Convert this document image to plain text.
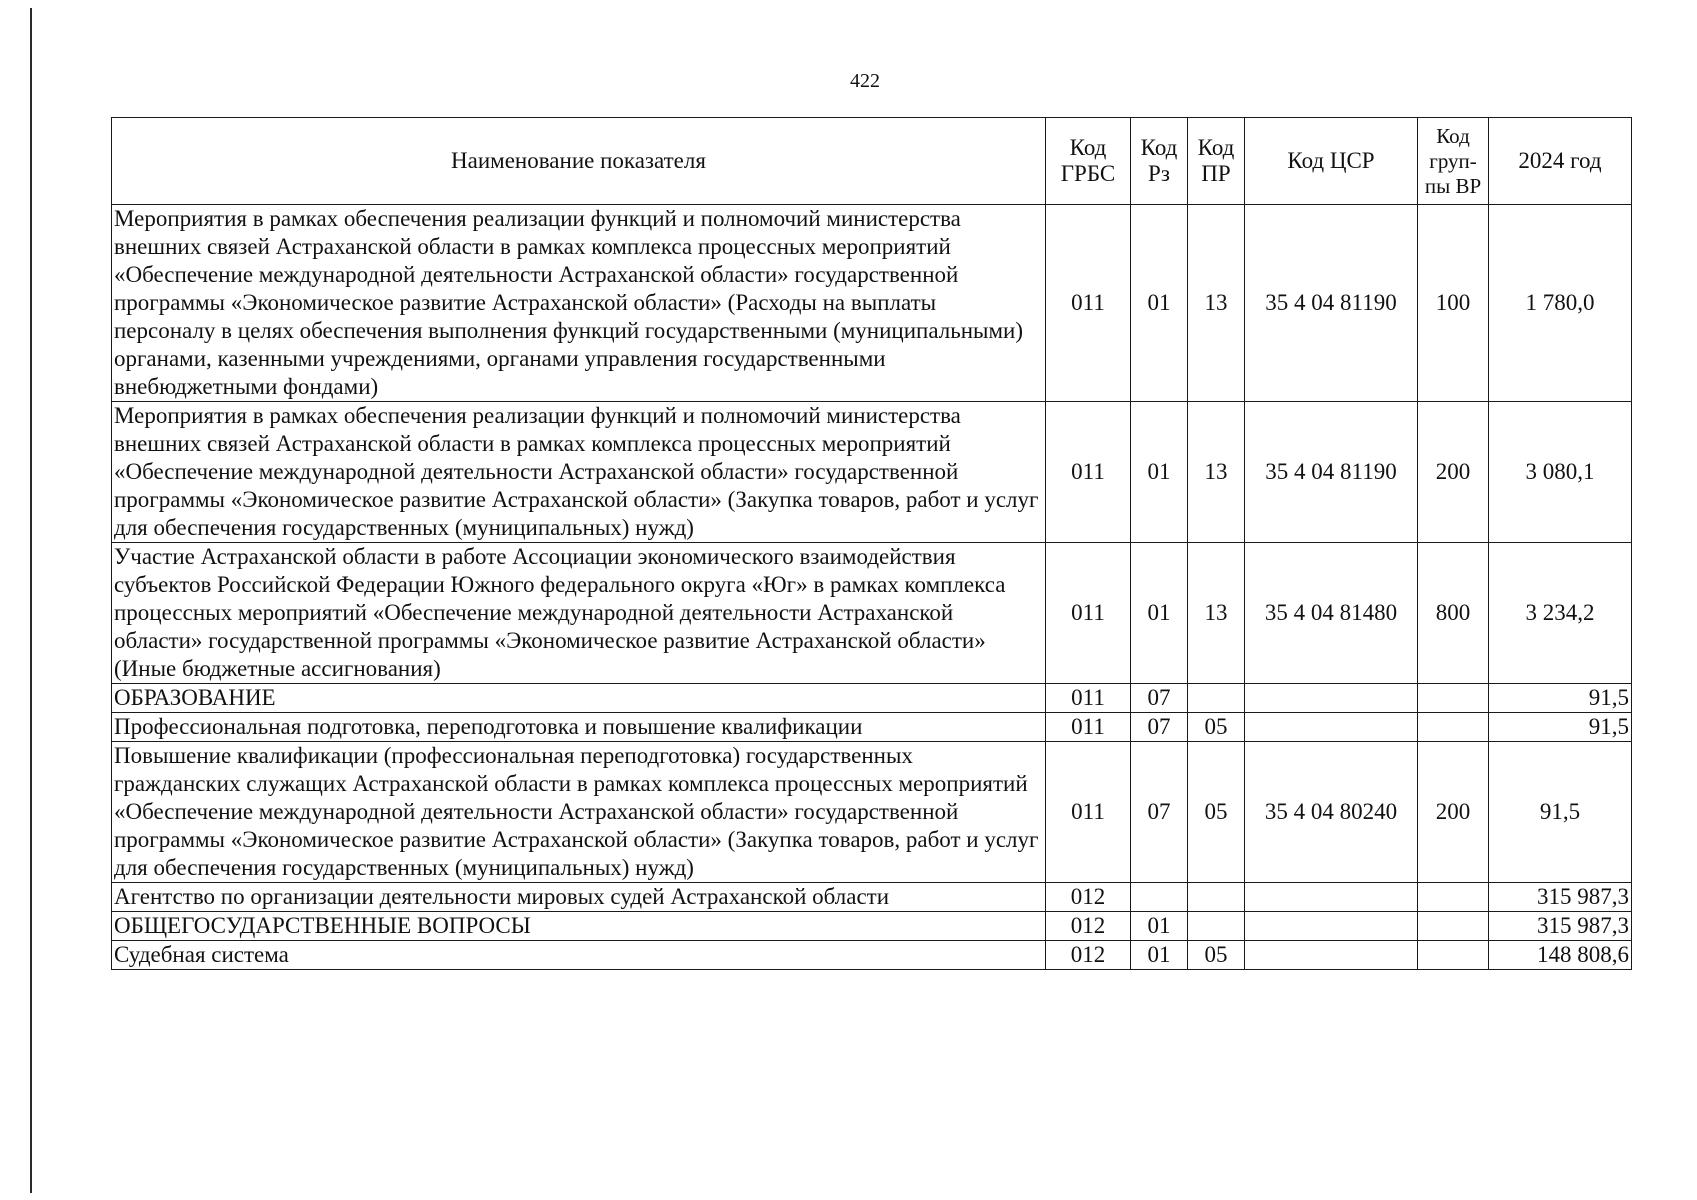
422
Наименование показателя	Код ГРБС	Код Рз	Код ПР	Код ЦСР	Код груп-пы ВР	2024 год
Мероприятия в рамках обеспечения реализации функций и полномочий министерства внешних связей Астраханской области в рамках комплекса процессных мероприятий «Обеспечение международной деятельности Астраханской области» государственной программы «Экономическое развитие Астраханской области» (Расходы на выплаты персоналу в целях обеспечения выполнения функций государственными (муниципальными) органами, казенными учреждениями, органами управления государственными внебюджетными фондами)	011	01	13	35 4 04 81190	100	1 780,0
Мероприятия в рамках обеспечения реализации функций и полномочий министерства внешних связей Астраханской области в рамках комплекса процессных мероприятий «Обеспечение международной деятельности Астраханской области» государственной программы «Экономическое развитие Астраханской области» (Закупка товаров, работ и услуг для обеспечения государственных (муниципальных) нужд)	011	01	13	35 4 04 81190	200	3 080,1
Участие Астраханской области в работе Ассоциации экономического взаимодействия субъектов Российской Федерации Южного федерального округа «Юг» в рамках комплекса процессных мероприятий «Обеспечение международной деятельности Астраханской области» государственной программы «Экономическое развитие Астраханской области» (Иные бюджетные ассигнования)	011	01	13	35 4 04 81480	800	3 234,2
ОБРАЗОВАНИЕ	011	07				91,5
Профессиональная подготовка, переподготовка и повышение квалификации	011	07	05			91,5
Повышение квалификации (профессиональная переподготовка) государственных гражданских служащих Астраханской области в рамках комплекса процессных мероприятий «Обеспечение международной деятельности Астраханской области» государственной программы «Экономическое развитие Астраханской области» (Закупка товаров, работ и услуг для обеспечения государственных (муниципальных) нужд)	011	07	05	35 4 04 80240	200	91,5
Агентство по организации деятельности мировых судей Астраханской области	012					315 987,3
ОБЩЕГОСУДАРСТВЕННЫЕ ВОПРОСЫ	012	01				315 987,3
Судебная система	012	01	05			148 808,6
